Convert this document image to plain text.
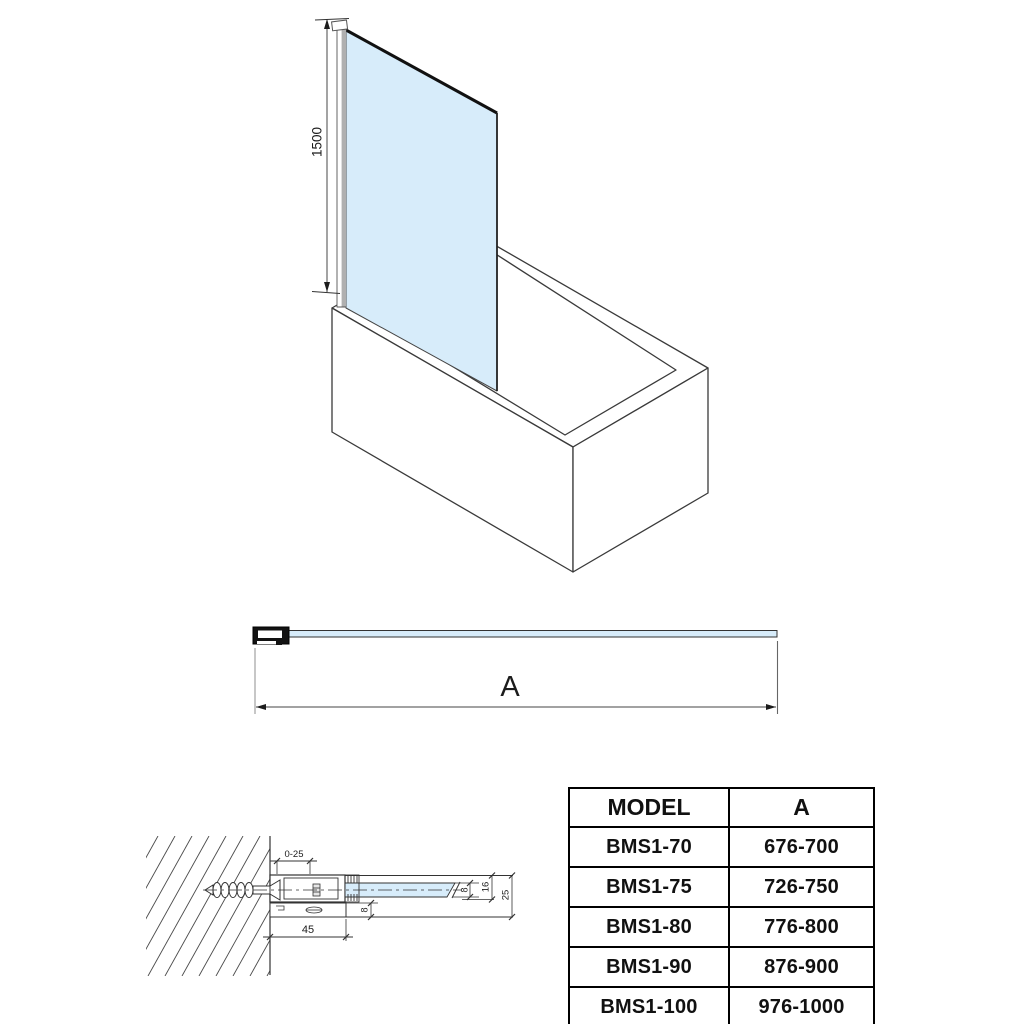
1500
A
0-25
45
8 16
25
8
MODEL	A
BMS1-70	676-700
BMS1-75	726-750
BMS1-80	776-800
BMS1-90	876-900
BMS1-100	976-1000
